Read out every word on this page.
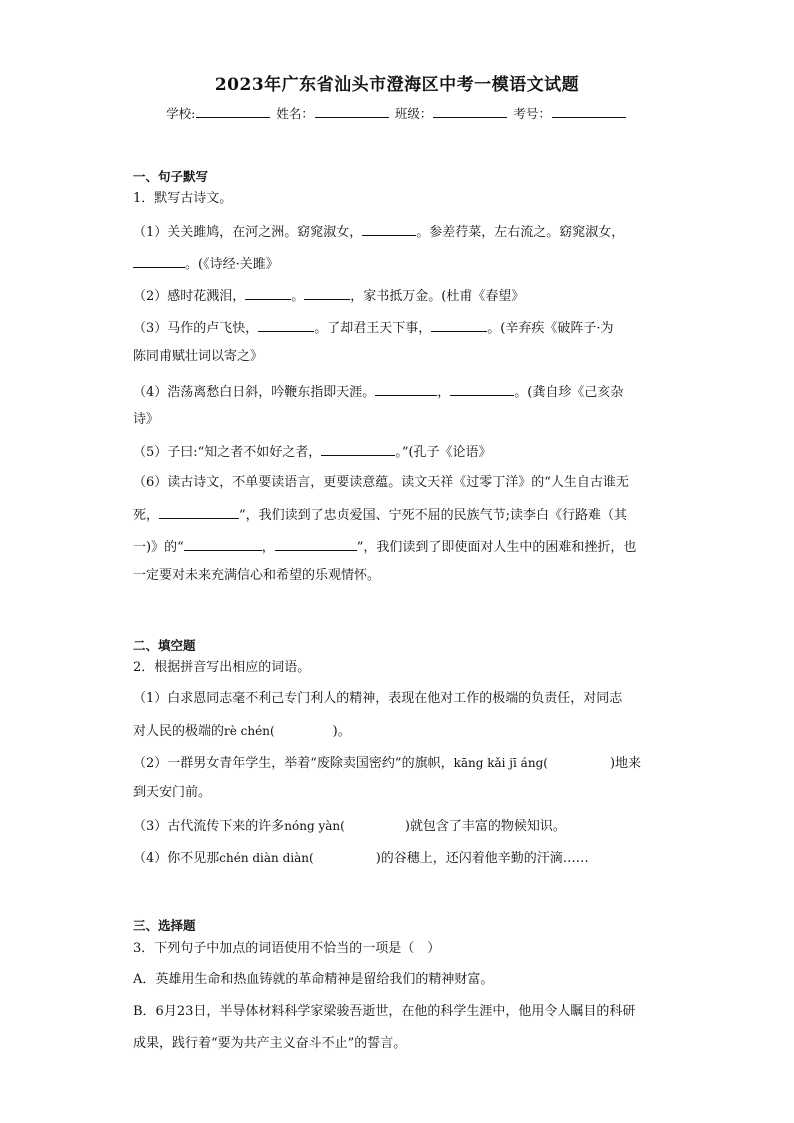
2023年广东省汕头市澄海区中考一模语文试题
学校:	姓名：	班级：	考号：
一、句子默写
1．默写古诗文。
（1）关关雎鸠，在河之洲。窈窕淑女，	。参差荇菜，左右流之。窈窕淑女，
。(《诗经·关雎》
（2）感时花溅泪，	。	，家书抵万金。(杜甫《春望》
（3）马作的卢飞快，	。了却君王天下事，	。(辛弃疾《破阵子·为
陈同甫赋壮词以寄之》
（4）浩荡离愁白日斜，吟鞭东指即天涯。	，	。(龚自珍《己亥杂
诗》
（5）子曰:“知之者不如好之者，	。”(孔子《论语》
（6）读古诗文，不单要读语言，更要读意蕴。读文天祥《过零丁洋》的“人生自古谁无
死，	”，我们读到了忠贞爱国、宁死不屈的民族气节;读李白《行路难（其
一)》的“	，	”，我们读到了即使面对人生中的困难和挫折，也
一定要对未来充满信心和希望的乐观情怀。
二、填空题
2．根据拼音写出相应的词语。
（1）白求恩同志毫不利己专门利人的精神，表现在他对工作的极端的负责任，对同志
对人民的极端的rè chén(	)。
（2）一群男女青年学生，举着“废除卖国密约”的旗帜，kāng kǎi jī áng(	)地来
到天安门前。
（3）古代流传下来的许多nóng yàn(	)就包含了丰富的物候知识。
（4）你不见那chén diàn diàn(	)的谷穗上，还闪着他辛勤的汗滴……
三、选择题
3．下列句子中加点的词语使用不恰当的一项是（　）
A．英雄用生命和热血铸就的革命精神是留给我们的精神财富。
B．6月23日，半导体材料科学家梁骏吾逝世，在他的科学生涯中，他用令人瞩目的科研
成果，践行着“要为共产主义奋斗不止”的誓言。
